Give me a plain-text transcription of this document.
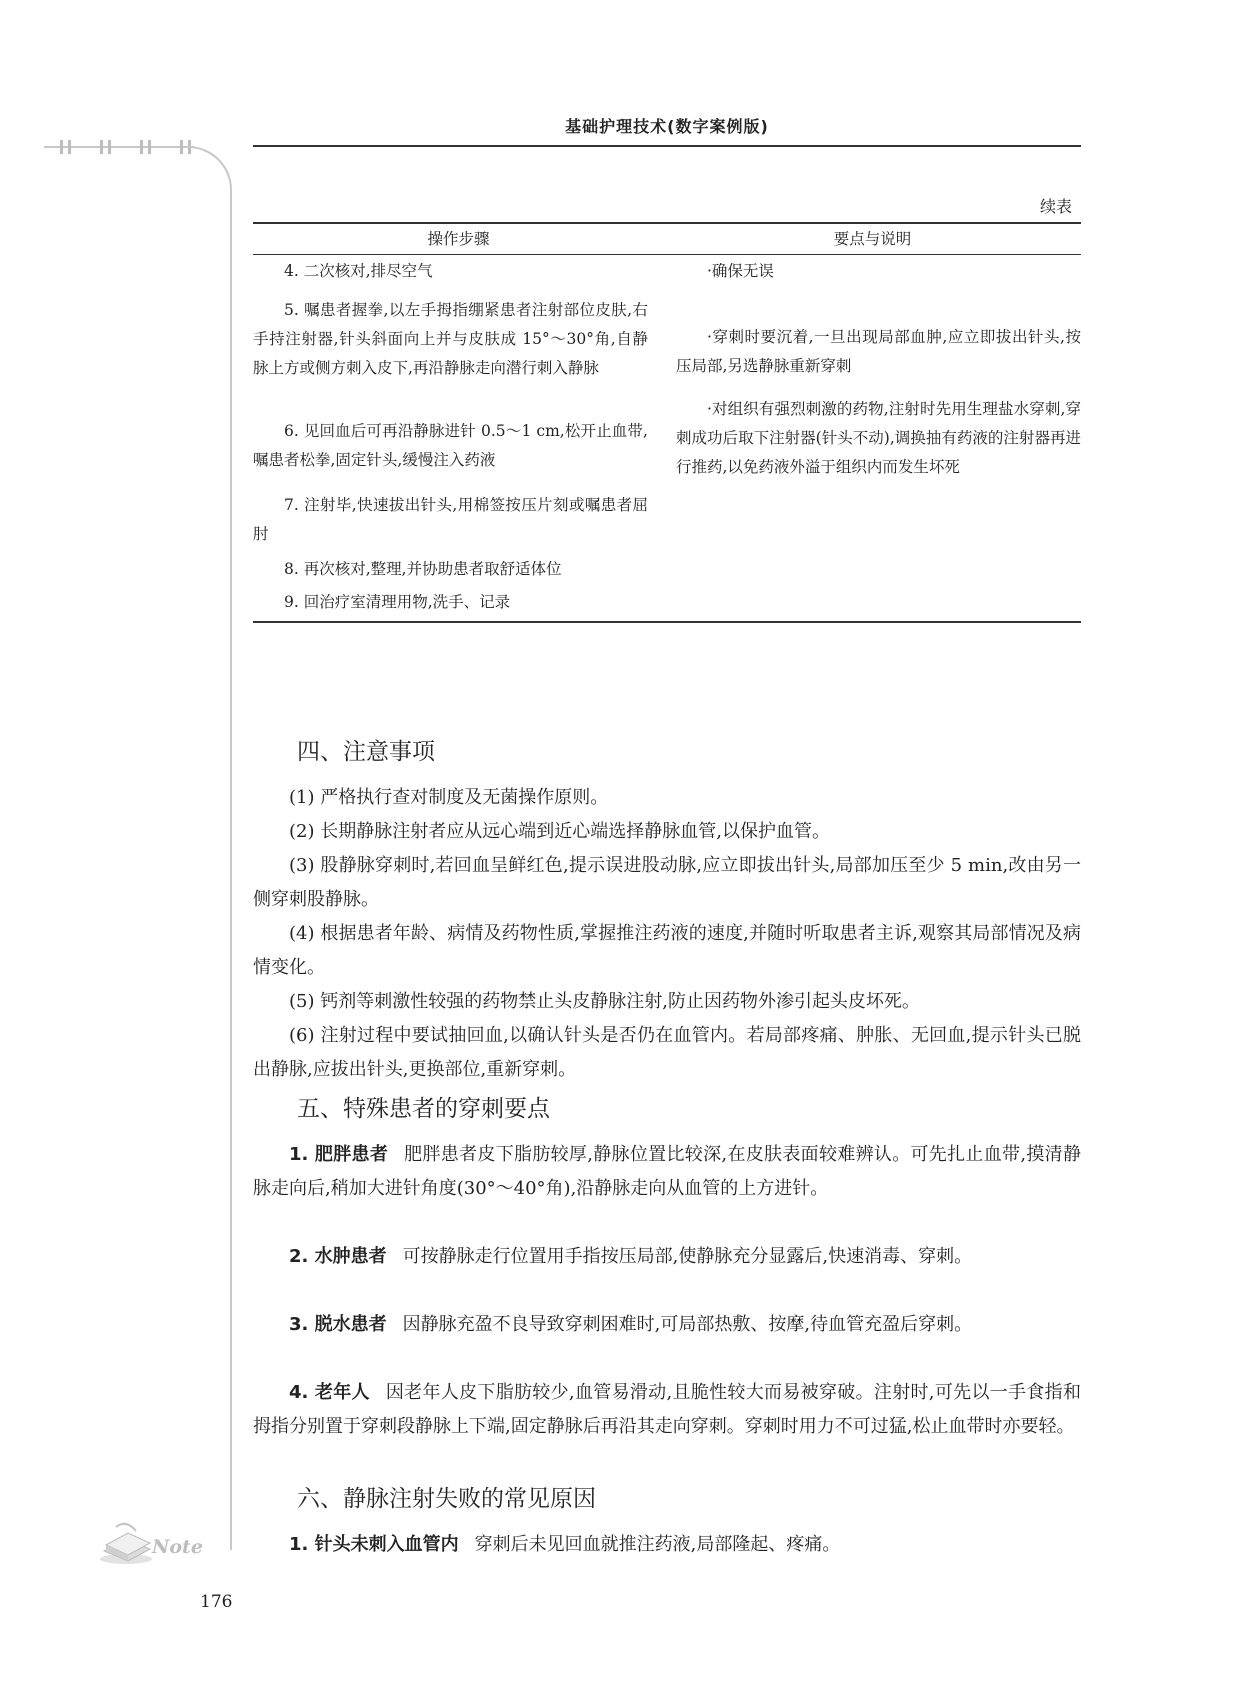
基础护理技术(数字案例版)
续表
操作步骤	要点与说明

4. 二次核对,排尽空气	·确保无误

5. 嘱患者握拳,以左手拇指绷紧患者注射部位皮肤,右手持注射器,针头斜面向上并与皮肤成 15°～30°角,自静脉上方或侧方刺入皮下,再沿静脉走向潜行刺入静脉	·穿刺时要沉着,一旦出现局部血肿,应立即拔出针头,按压局部,另选静脉重新穿刺

6. 见回血后可再沿静脉进针 0.5～1 cm,松开止血带,嘱患者松拳,固定针头,缓慢注入药液	·对组织有强烈刺激的药物,注射时先用生理盐水穿刺,穿刺成功后取下注射器(针头不动),调换抽有药液的注射器再进行推药,以免药液外溢于组织内而发生坏死

7. 注射毕,快速拔出针头,用棉签按压片刻或嘱患者屈肘	

8. 再次核对,整理,并协助患者取舒适体位	

9. 回治疗室清理用物,洗手、记录	

四、注意事项

(1) 严格执行查对制度及无菌操作原则。

(2) 长期静脉注射者应从远心端到近心端选择静脉血管,以保护血管。

(3) 股静脉穿刺时,若回血呈鲜红色,提示误进股动脉,应立即拔出针头,局部加压至少 5 min,改由另一侧穿刺股静脉。

(4) 根据患者年龄、病情及药物性质,掌握推注药液的速度,并随时听取患者主诉,观察其局部情况及病情变化。

(5) 钙剂等刺激性较强的药物禁止头皮静脉注射,防止因药物外渗引起头皮坏死。

(6) 注射过程中要试抽回血,以确认针头是否仍在血管内。若局部疼痛、肿胀、无回血,提示针头已脱出静脉,应拔出针头,更换部位,重新穿刺。

五、特殊患者的穿刺要点

1. 肥胖患者 肥胖患者皮下脂肪较厚,静脉位置比较深,在皮肤表面较难辨认。可先扎止血带,摸清静脉走向后,稍加大进针角度(30°～40°角),沿静脉走向从血管的上方进针。

2. 水肿患者 可按静脉走行位置用手指按压局部,使静脉充分显露后,快速消毒、穿刺。

3. 脱水患者 因静脉充盈不良导致穿刺困难时,可局部热敷、按摩,待血管充盈后穿刺。

4. 老年人 因老年人皮下脂肪较少,血管易滑动,且脆性较大而易被穿破。注射时,可先以一手食指和拇指分别置于穿刺段静脉上下端,固定静脉后再沿其走向穿刺。穿刺时用力不可过猛,松止血带时亦要轻。

六、静脉注射失败的常见原因

1. 针头未刺入血管内 穿刺后未见回血就推注药液,局部隆起、疼痛。

Note
176
